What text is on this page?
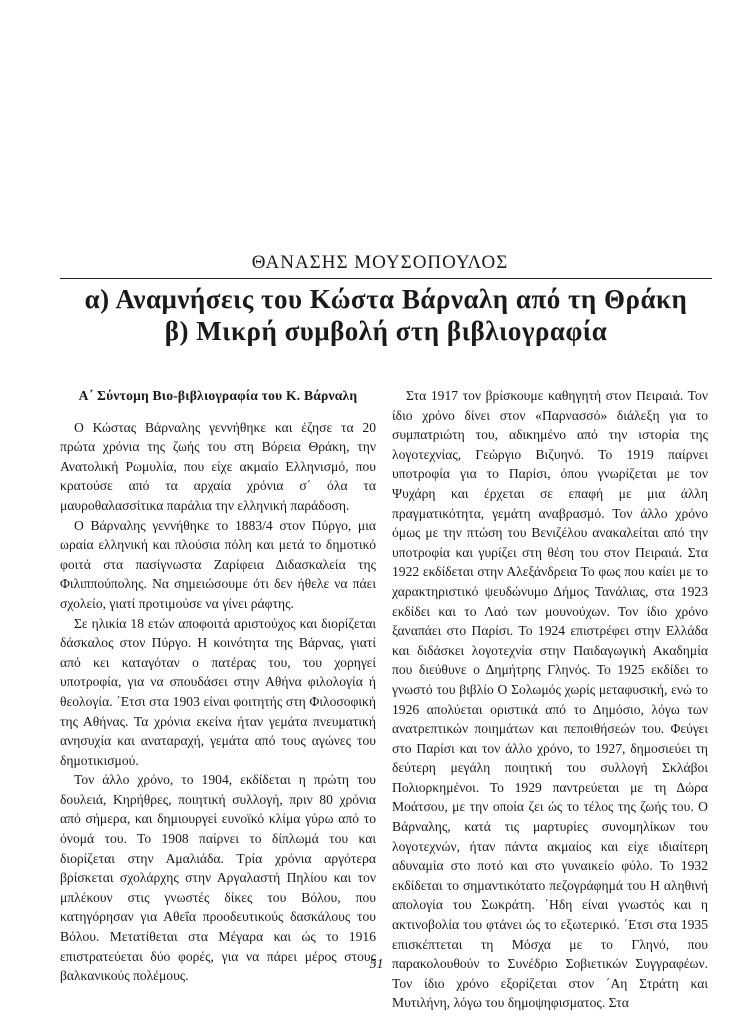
ΘΑΝΑΣΗΣ ΜΟΥΣΟΠΟΥΛΟΣ
α) Αναμνήσεις του Κώστα Βάρναλη από τη Θράκη
β) Μικρή συμβολή στη βιβλιογραφία
Α΄ Σύντομη Βιο-βιβλιογραφία του Κ. Βάρναλη

Ο Κώστας Βάρναλης γεννήθηκε και έζησε τα 20 πρώτα χρόνια της ζωής του στη Βόρεια Θράκη, την Ανατολική Ρωμυλία, που είχε ακμαίο Ελληνισμό, που κρατούσε από τα αρχαία χρόνια σ΄ όλα τα μαυροθαλασσίτικα παράλια την ελληνική παράδοση.

Ο Βάρναλης γεννήθηκε το 1883/4 στον Πύργο, μια ωραία ελληνική και πλούσια πόλη και μετά το δημοτικό φοιτά στα πασίγνωστα Ζαρίφεια Διδασκαλεία της Φιλιππούπολης. Να σημειώσουμε ότι δεν ήθελε να πάει σχολείο, γιατί προτιμούσε να γίνει ράφτης.

Σε ηλικία 18 ετών αποφοιτά αριστούχος και διορίζεται δάσκαλος στον Πύργο. Η κοινότητα της Βάρνας, γιατί από κει καταγόταν ο πατέρας του, του χορηγεί υποτροφία, για να σπουδάσει στην Αθήνα φιλολογία ή θεολογία. ΄Ετσι στα 1903 είναι φοιτητής στη Φιλοσοφική της Αθήνας. Τα χρόνια εκείνα ήταν γεμάτα πνευματική ανησυχία και αναταραχή, γεμάτα από τους αγώνες του δημοτικισμού.

Τον άλλο χρόνο, το 1904, εκδίδεται η πρώτη του δουλειά, Κηρήθρες, ποιητική συλλογή, πριν 80 χρόνια από σήμερα, και δημιουργεί ευνοϊκό κλίμα γύρω από το όνομά του. Το 1908 παίρνει το δίπλωμά του και διορίζεται στην Αμαλιάδα. Τρία χρόνια αργότερα βρίσκεται σχολάρχης στην Αργαλαστή Πηλίου και τον μπλέκουν στις γνωστές δίκες του Βόλου, που κατηγόρησαν για Αθεΐα προοδευτικούς δασκάλους του Βόλου. Μετατίθεται στα Μέγαρα και ώς το 1916 επιστρατεύεται δύο φορές, για να πάρει μέρος στους βαλκανικούς πολέμους.

Στα 1917 τον βρίσκουμε καθηγητή στον Πειραιά. Τον ίδιο χρόνο δίνει στον «Παρνασσό» διάλεξη για το συμπατριώτη του, αδικημένο από την ιστορία της λογοτεχνίας, Γεώργιο Βιζυηνό. Το 1919 παίρνει υποτροφία για το Παρίσι, όπου γνωρίζεται με τον Ψυχάρη και έρχεται σε επαφή με μια άλλη πραγματικότητα, γεμάτη αναβρασμό. Τον άλλο χρόνο όμως με την πτώση του Βενιζέλου ανακαλείται από την υποτροφία και γυρίζει στη θέση του στον Πειραιά. Στα 1922 εκδίδεται στην Αλεξάνδρεια Το φως που καίει με το χαρακτηριστικό ψευδώνυμο Δήμος Τανάλιας, στα 1923 εκδίδει και το Λαό των μουνούχων. Τον ίδιο χρόνο ξαναπάει στο Παρίσι. Το 1924 επιστρέφει στην Ελλάδα και διδάσκει λογοτεχνία στην Παιδαγωγική Ακαδημία που διεύθυνε ο Δημήτρης Γληνός. Το 1925 εκδίδει το γνωστό του βιβλίο Ο Σολωμός χωρίς μεταφυσική, ενώ το 1926 απολύεται οριστικά από το Δημόσιο, λόγω των ανατρεπτικών ποιημάτων και πεποιθήσεών του. Φεύγει στο Παρίσι και τον άλλο χρόνο, το 1927, δημοσιεύει τη δεύτερη μεγάλη ποιητική του συλλογή Σκλάβοι Πολιορκημένοι. Το 1929 παντρεύεται με τη Δώρα Μοάτσου, με την οποία ζει ώς το τέλος της ζωής του. Ο Βάρναλης, κατά τις μαρτυρίες συνομηλίκων του λογοτεχνών, ήταν πάντα ακμαίος και είχε ιδιαίτερη αδυναμία στο ποτό και στο γυναικείο φύλο. Το 1932 εκδίδεται το σημαντικότατο πεζογράφημά του Η αληθινή απολογία του Σωκράτη. ΄Ηδη είναι γνωστός και η ακτινοβολία του φτάνει ώς το εξωτερικό. ΄Ετσι στα 1935 επισκέπτεται τη Μόσχα με το Γληνό, που παρακολουθούν το Συνέδριο Σοβιετικών Συγγραφέων. Τον ίδιο χρόνο εξορίζεται στον ΄Αη Στράτη και Μυτιλήνη, λόγω του δημοψηφισματος. Στα

51
